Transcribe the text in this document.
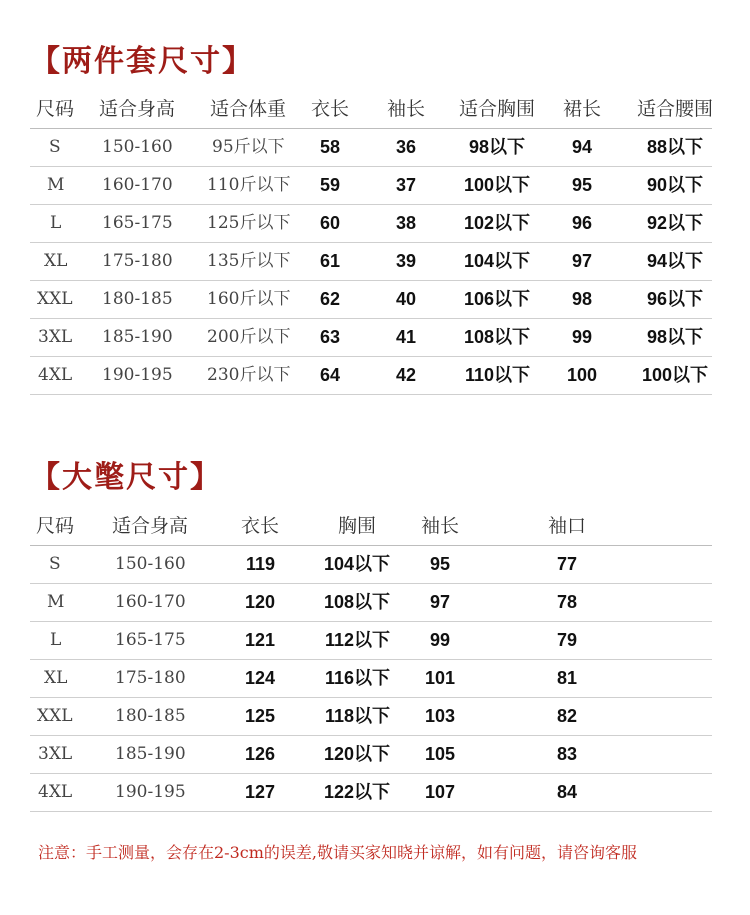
【两件套尺寸】
尺码 适合身高 适合体重 衣长 袖长 适合胸围 裙长 适合腰围
S 150-160 95斤以下 58	36	98以下	94	88以下
M 160-170 110斤以下 59	37	100以下 95	90以下
L 165-175 125斤以下 60	38	102以下 96	92以下
XL 175-180 135斤以下 61	39	104以下 97	94以下
XXL 180-185 160斤以下 62	40	106以下 98	96以下
3XL 185-190 200斤以下 63	41	108以下 99	98以下
4XL 190-195 230斤以下 64	42	110以下 100 100以下
【大氅尺寸】
尺码 适合身高	衣长	胸围 袖长	袖口
S	150-160	119	104以下 95	77
M	160-170	120	108以下 97	78
L	165-175	121	112以下 99	79
XL	175-180	124	116以下 101	81
XXL	180-185	125	118以下 103	82
3XL	185-190	126	120以下 105	83
4XL	190-195	127	122以下 107	84
注意：手工测量，会存在2-3cm的误差,敬请买家知晓并谅解，如有问题，请咨询客服
